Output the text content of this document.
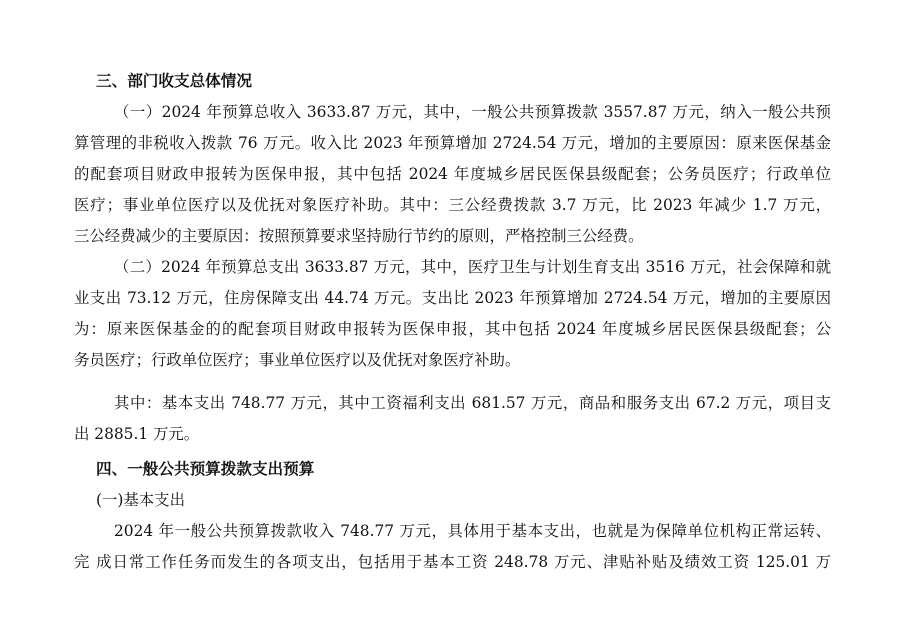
三、部门收支总体情况
（一）2024 年预算总收入 3633.87 万元，其中，一般公共预算拨款 3557.87 万元，纳入一般公共预
算管理的非税收入拨款 76 万元。收入比 2023 年预算增加 2724.54 万元，增加的主要原因：原来医保基金
的配套项目财政申报转为医保申报，其中包括 2024 年度城乡居民医保县级配套；公务员医疗；行政单位
医疗；事业单位医疗以及优抚对象医疗补助。其中：三公经费拨款 3.7 万元，比 2023 年减少 1.7 万元，
三公经费减少的主要原因：按照预算要求坚持励行节约的原则，严格控制三公经费。
（二）2024 年预算总支出 3633.87 万元，其中，医疗卫生与计划生育支出 3516 万元，社会保障和就
业支出 73.12 万元，住房保障支出 44.74 万元。支出比 2023 年预算增加 2724.54 万元，增加的主要原因
为：原来医保基金的的配套项目财政申报转为医保申报，其中包括 2024 年度城乡居民医保县级配套；公
务员医疗；行政单位医疗；事业单位医疗以及优抚对象医疗补助。
其中：基本支出 748.77 万元，其中工资福利支出 681.57 万元，商品和服务支出 67.2 万元，项目支
出 2885.1 万元。
四、一般公共预算拨款支出预算
(一)基本支出
2024 年一般公共预算拨款收入 748.77 万元，具体用于基本支出，也就是为保障单位机构正常运转、
完 成日常工作任务而发生的各项支出，包括用于基本工资 248.78 万元、津贴补贴及绩效工资 125.01 万
